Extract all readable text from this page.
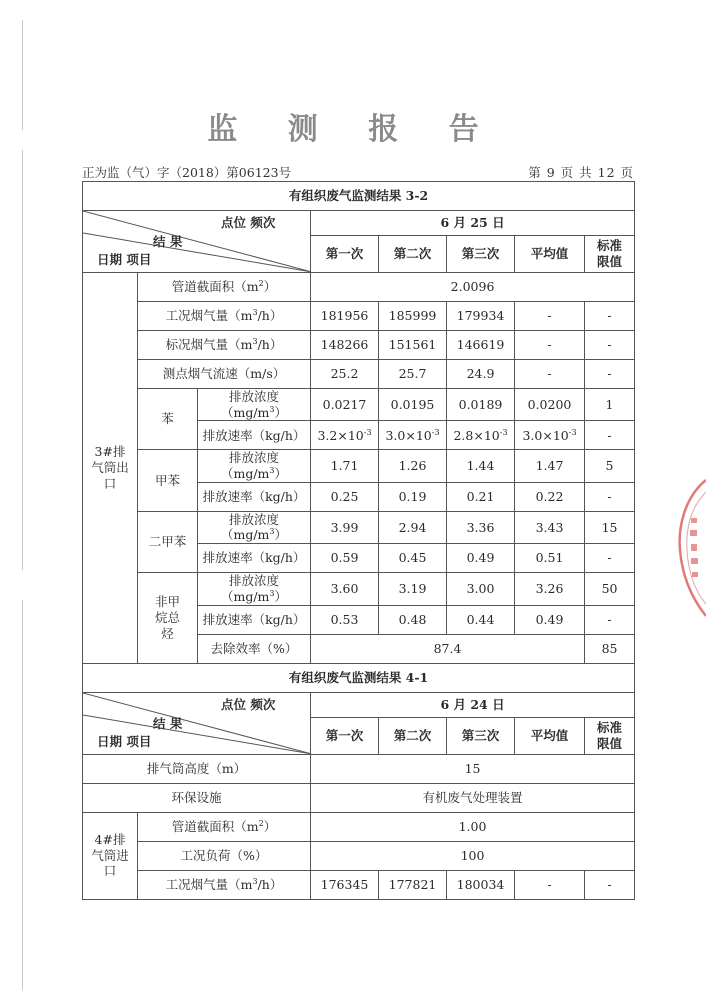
监 测 报 告
正为监（气）字（2018）第06123号	第 9 页 共 12 页
有组织废气监测结果 3-2							

点位 频次
结 果
日期 项目			6 月 25 日				
			第一次	第二次	第三次	平均值	标准限值
3#排气筒出口	管道截面积$(m^2)$		2.0096				
	工况烟气量$(m^3/h)$		181956	185999	179934	-	-
	标况烟气量$(m^3/h)$		148266	151561	146619	-	-
	测点烟气流速（m/s）		25.2	25.7	24.9	-	-
	苯	排放浓度$(mg/m^3)$	0.0217	0.0195	0.0189	0.0200	1
		排放速率（kg/h）	$3.2\times 10^{-3}$	$3.0\times 10^{-3}$	$2.8\times 10^{-3}$	$3.0\times 10^{-3}$	-
	甲苯	排放浓度$(mg/m^3)$	1.71	1.26	1.44	1.47	5
		排放速率（kg/h）	0.25	0.19	0.21	0.22	-
	二甲苯	排放浓度$(mg/m^3)$	3.99	2.94	3.36	3.43	15
		排放速率（kg/h）	0.59	0.45	0.49	0.51	-
	非甲烷总烃	排放浓度$(mg/m^3)$	3.60	3.19	3.00	3.26	50
		排放速率（kg/h）	0.53	0.48	0.44	0.49	-
		去除效率（%）	87.4				85
有组织废气监测结果 4-1							

点位 频次
结 果
日期 项目			6 月 24 日				
			第一次	第二次	第三次	平均值	标准限值
排气筒高度（m）			15				
环保设施			有机废气处理装置				
4#排气筒进口	管道截面积$(m^2)$		1.00				
	工况负荷（%）		100				
	工况烟气量$(m^3/h)$		176345	177821	180034	-	-
